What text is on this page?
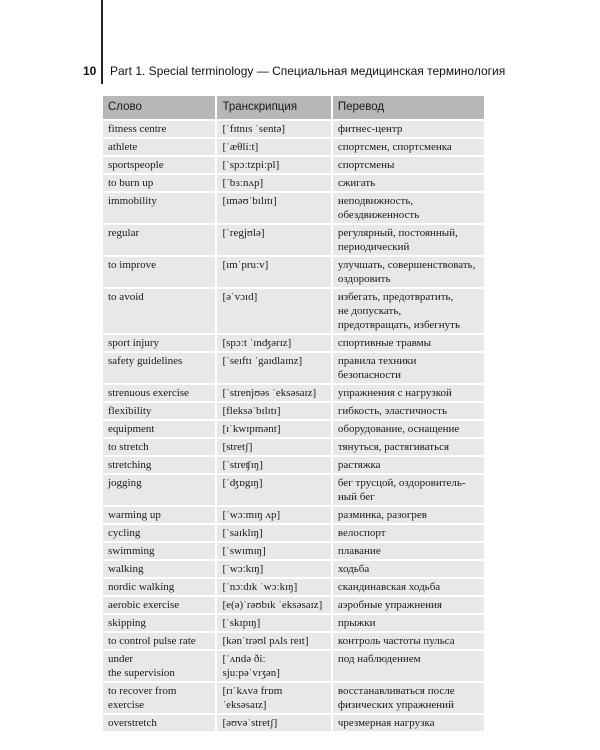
10 Part 1. Special terminology — Специальная медицинская терминология
Слово	Транскрипция	Перевод
fitness centre	[ˈfɪtnɪs ˈsentə]	фитнес-центр
athlete	[ˈæθliːt]	спортсмен, спортсменка
sportspeople	[ˈspɔːtzpiːpl]	спортсмены
to burn up	[ˈbɜːnʌp]	сжигать
immobility	[ɪməʊˈbɪlɪtɪ]	неподвижность,
обездвиженность
regular	[ˈregjʊlə]	регулярный, постоянный,
периодический
to improve	[ɪmˈpruːv]	улучшать, совершенствовать,
оздоровить
to avoid	[əˈvɔɪd]	избегать, предотвратить,
не допускать,
предотвращать, избегнуть
sport injury	[spɔːt ˈɪnʤərɪz]	спортивные травмы
safety guidelines	[ˈseɪftɪ ˈgaɪdlaɪnz]	правила техники
безопасности
strenuous exercise	[ˈstrenjʊəs ˈeksəsaɪz]	упражнения с нагрузкой
flexibility	[fleksəˈbɪlɪtɪ]	гибкость, эластичность
equipment	[ɪˈkwɪpmənt]	оборудование, оснащение
to stretch	[stretʃ]	тянуться, растягиваться
stretching	[ˈstreʧɪŋ]	растяжка
jogging	[ˈʤɒgɪŋ]	бег трусцой, оздоровитель-
ный бег
warming up	[ˈwɔːmɪŋ ʌp]	разминка, разогрев
cycling	[ˈsaɪklɪŋ]	велоспорт
swimming	[ˈswɪmɪŋ]	плавание
walking	[ˈwɔːkɪŋ]	ходьба
nordic walking	[ˈnɔːdɪk ˈwɔːkɪŋ]	скандинавская ходьба
aerobic exercise	[e(ə)ˈrəʊbɪk ˈeksəsaɪz]	аэробные упражнения
skipping	[ˈskɪpɪŋ]	прыжки
to control pulse rate	[kənˈtrəʊl pʌls reɪt]	контроль частоты пульса
under
the supervision	[ˈʌndə ðiː
sjuːpəˈvɪʒən]	под наблюдением
to recover from
exercise	[rɪˈkʌvə frɒm
ˈeksəsaɪz]	восстанавливаться после
физических упражнений
overstretch	[əʊvəˈstretʃ]	чрезмерная нагрузка
